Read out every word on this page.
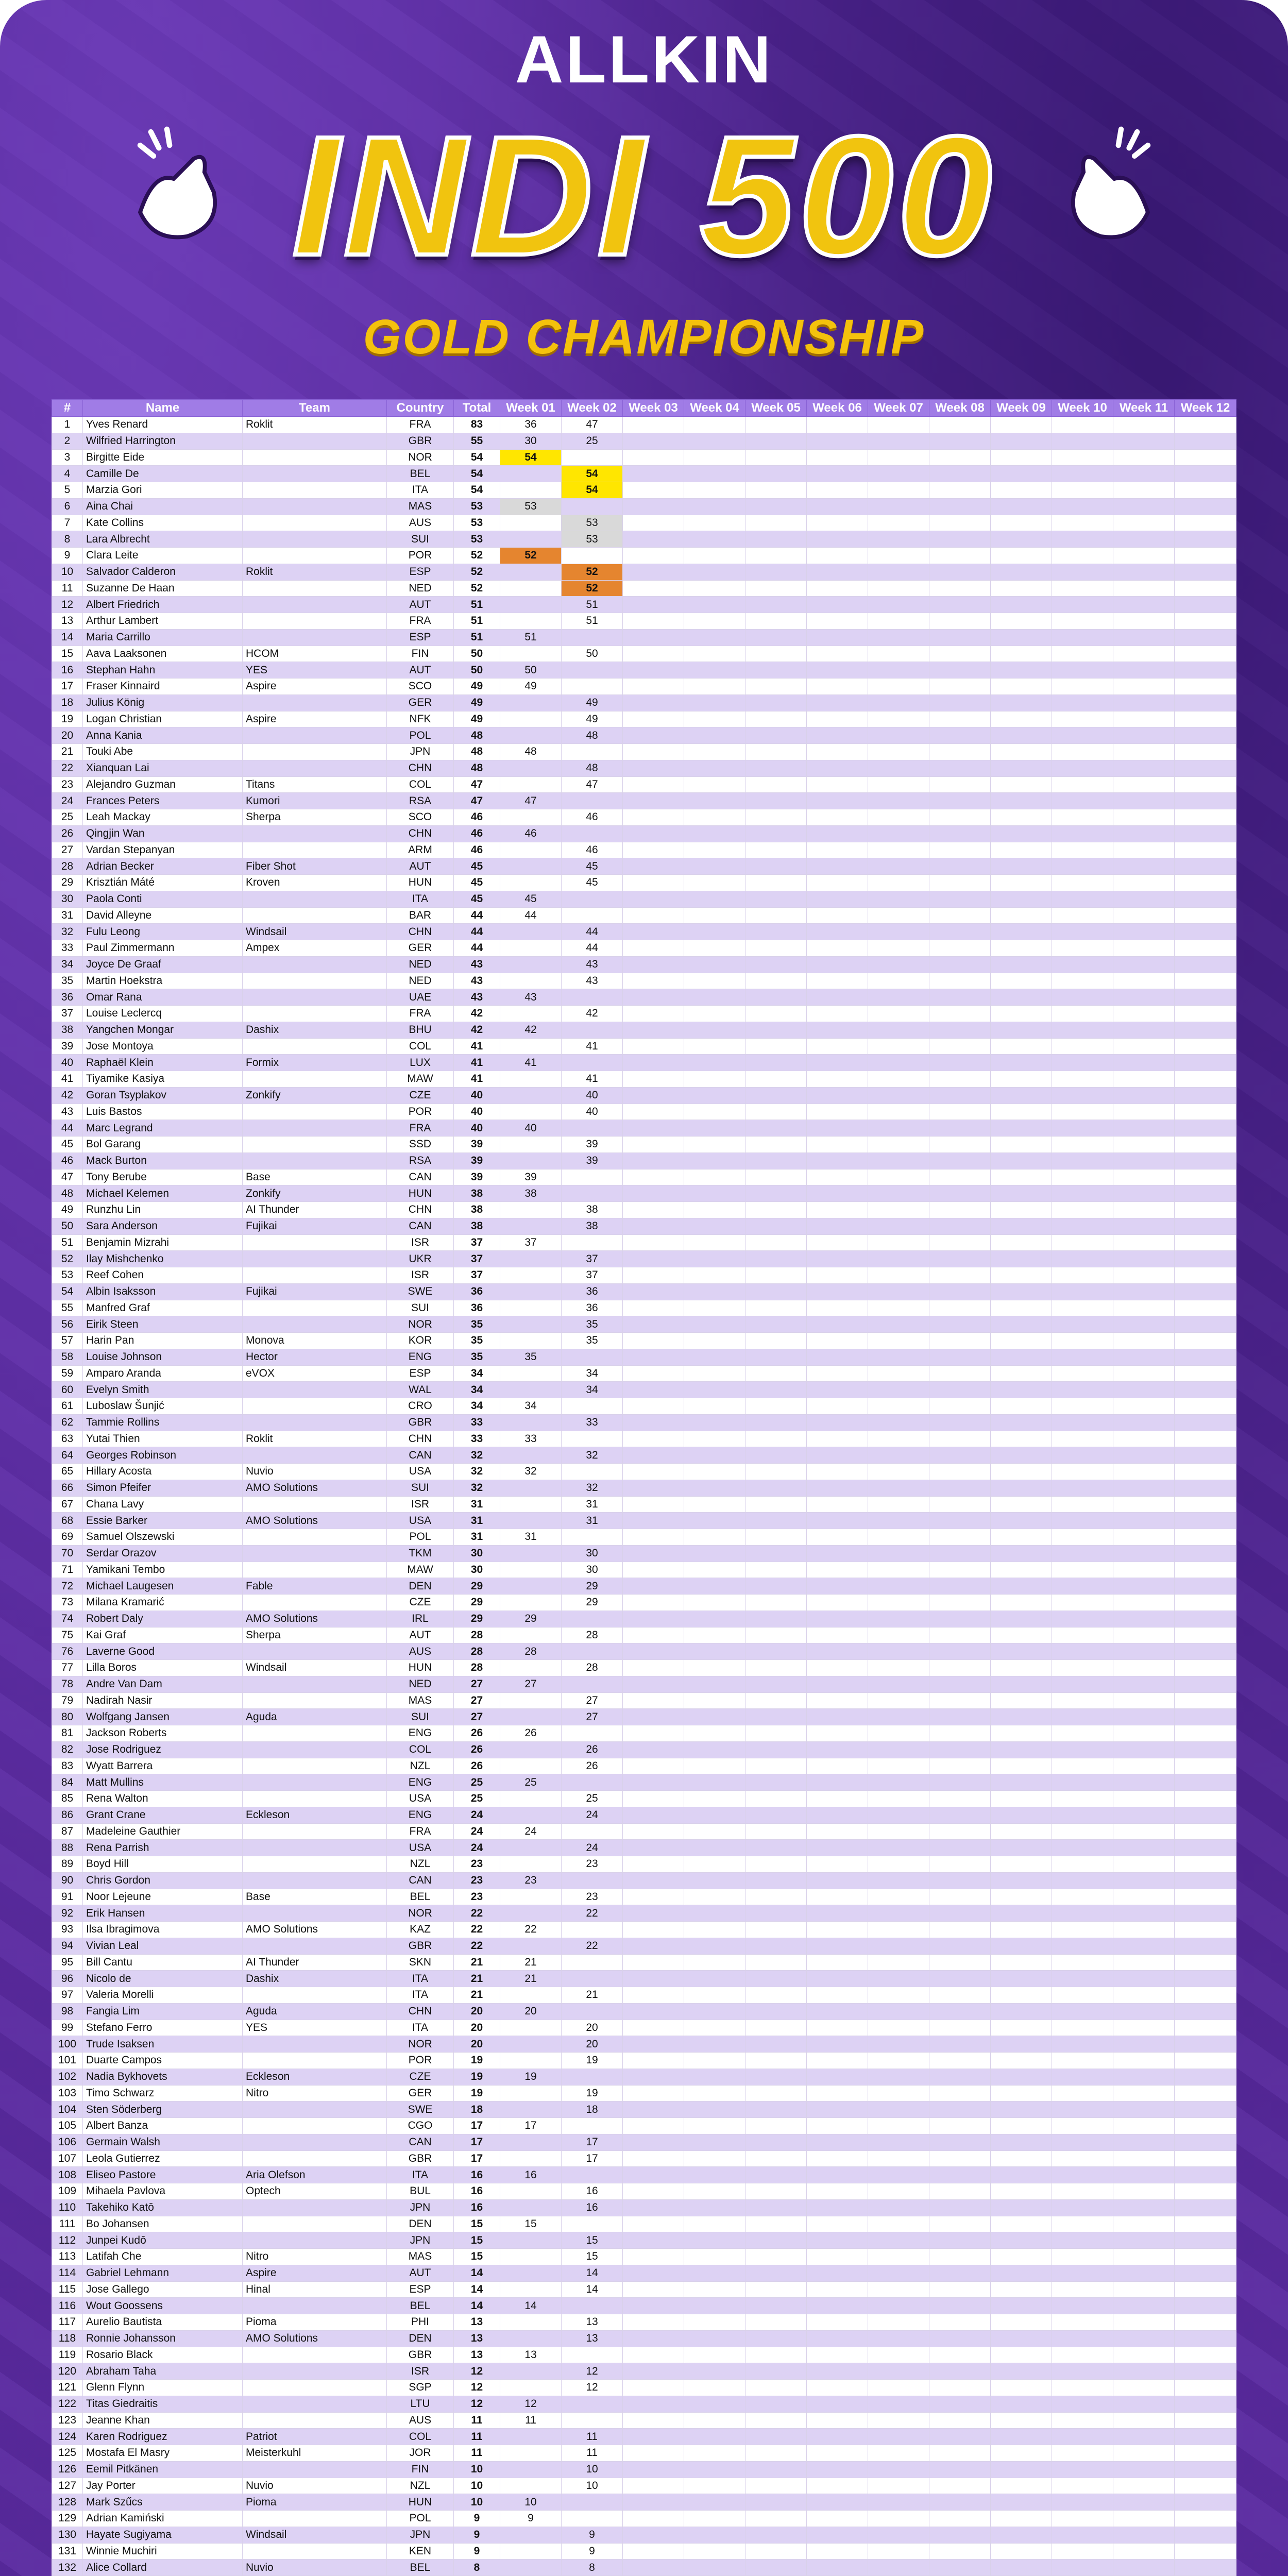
ALLKIN
INDI 500
GOLD CHAMPIONSHIP
#	Name	Team	Country	Total	Week 01	Week 02	Week 03	Week 04	Week 05	Week 06	Week 07	Week 08	Week 09	Week 10	Week 11	Week 12
1	Yves Renard	Roklit	FRA	83	36	47										
2	Wilfried Harrington		GBR	55	30	25										
3	Birgitte Eide		NOR	54	54											
4	Camille De		BEL	54		54										
5	Marzia Gori		ITA	54		54										
6	Aina Chai		MAS	53	53											
7	Kate Collins		AUS	53		53										
8	Lara Albrecht		SUI	53		53										
9	Clara Leite		POR	52	52											
10	Salvador Calderon	Roklit	ESP	52		52										
11	Suzanne De Haan		NED	52		52										
12	Albert Friedrich		AUT	51		51										
13	Arthur Lambert		FRA	51		51										
14	Maria Carrillo		ESP	51	51											
15	Aava Laaksonen	HCOM	FIN	50		50										
16	Stephan Hahn	YES	AUT	50	50											
17	Fraser Kinnaird	Aspire	SCO	49	49											
18	Julius König		GER	49		49										
19	Logan Christian	Aspire	NFK	49		49										
20	Anna Kania		POL	48		48										
21	Touki Abe		JPN	48	48											
22	Xianquan Lai		CHN	48		48										
23	Alejandro Guzman	Titans	COL	47		47										
24	Frances Peters	Kumori	RSA	47	47											
25	Leah Mackay	Sherpa	SCO	46		46										
26	Qingjin Wan		CHN	46	46											
27	Vardan Stepanyan		ARM	46		46										
28	Adrian Becker	Fiber Shot	AUT	45		45										
29	Krisztián Máté	Kroven	HUN	45		45										
30	Paola Conti		ITA	45	45											
31	David Alleyne		BAR	44	44											
32	Fulu Leong	Windsail	CHN	44		44										
33	Paul Zimmermann	Ampex	GER	44		44										
34	Joyce De Graaf		NED	43		43										
35	Martin Hoekstra		NED	43		43										
36	Omar Rana		UAE	43	43											
37	Louise Leclercq		FRA	42		42										
38	Yangchen Mongar	Dashix	BHU	42	42											
39	Jose Montoya		COL	41		41										
40	Raphaël Klein	Formix	LUX	41	41											
41	Tiyamike Kasiya		MAW	41		41										
42	Goran Tsyplakov	Zonkify	CZE	40		40										
43	Luis Bastos		POR	40		40										
44	Marc Legrand		FRA	40	40											
45	Bol Garang		SSD	39		39										
46	Mack Burton		RSA	39		39										
47	Tony Berube	Base	CAN	39	39											
48	Michael Kelemen	Zonkify	HUN	38	38											
49	Runzhu Lin	AI Thunder	CHN	38		38										
50	Sara Anderson	Fujikai	CAN	38		38										
51	Benjamin Mizrahi		ISR	37	37											
52	Ilay Mishchenko		UKR	37		37										
53	Reef Cohen		ISR	37		37										
54	Albin Isaksson	Fujikai	SWE	36		36										
55	Manfred Graf		SUI	36		36										
56	Eirik Steen		NOR	35		35										
57	Harin Pan	Monova	KOR	35		35										
58	Louise Johnson	Hector	ENG	35	35											
59	Amparo Aranda	eVOX	ESP	34		34										
60	Evelyn Smith		WAL	34		34										
61	Luboslaw Šunjić		CRO	34	34											
62	Tammie Rollins		GBR	33		33										
63	Yutai Thien	Roklit	CHN	33	33											
64	Georges Robinson		CAN	32		32										
65	Hillary Acosta	Nuvio	USA	32	32											
66	Simon Pfeifer	AMO Solutions	SUI	32		32										
67	Chana Lavy		ISR	31		31										
68	Essie Barker	AMO Solutions	USA	31		31										
69	Samuel Olszewski		POL	31	31											
70	Serdar Orazov		TKM	30		30										
71	Yamikani Tembo		MAW	30		30										
72	Michael Laugesen	Fable	DEN	29		29										
73	Milana Kramarić		CZE	29		29										
74	Robert Daly	AMO Solutions	IRL	29	29											
75	Kai Graf	Sherpa	AUT	28		28										
76	Laverne Good		AUS	28	28											
77	Lilla Boros	Windsail	HUN	28		28										
78	Andre Van Dam		NED	27	27											
79	Nadirah Nasir		MAS	27		27										
80	Wolfgang Jansen	Aguda	SUI	27		27										
81	Jackson Roberts		ENG	26	26											
82	Jose Rodriguez		COL	26		26										
83	Wyatt Barrera		NZL	26		26										
84	Matt Mullins		ENG	25	25											
85	Rena Walton		USA	25		25										
86	Grant Crane	Eckleson	ENG	24		24										
87	Madeleine Gauthier		FRA	24	24											
88	Rena Parrish		USA	24		24										
89	Boyd Hill		NZL	23		23										
90	Chris Gordon		CAN	23	23											
91	Noor Lejeune	Base	BEL	23		23										
92	Erik Hansen		NOR	22		22										
93	Ilsa Ibragimova	AMO Solutions	KAZ	22	22											
94	Vivian Leal		GBR	22		22										
95	Bill Cantu	AI Thunder	SKN	21	21											
96	Nicolo de	Dashix	ITA	21	21											
97	Valeria Morelli		ITA	21		21										
98	Fangia Lim	Aguda	CHN	20	20											
99	Stefano Ferro	YES	ITA	20		20										
100	Trude Isaksen		NOR	20		20										
101	Duarte Campos		POR	19		19										
102	Nadia Bykhovets	Eckleson	CZE	19	19											
103	Timo Schwarz	Nitro	GER	19		19										
104	Sten Söderberg		SWE	18		18										
105	Albert Banza		CGO	17	17											
106	Germain Walsh		CAN	17		17										
107	Leola Gutierrez		GBR	17		17										
108	Eliseo Pastore	Aria Olefson	ITA	16	16											
109	Mihaela Pavlova	Optech	BUL	16		16										
110	Takehiko Katō		JPN	16		16										
111	Bo Johansen		DEN	15	15											
112	Junpei Kudō		JPN	15		15										
113	Latifah Che	Nitro	MAS	15		15										
114	Gabriel Lehmann	Aspire	AUT	14		14										
115	Jose Gallego	Hinal	ESP	14		14										
116	Wout Goossens		BEL	14	14											
117	Aurelio Bautista	Pioma	PHI	13		13										
118	Ronnie Johansson	AMO Solutions	DEN	13		13										
119	Rosario Black		GBR	13	13											
120	Abraham Taha		ISR	12		12										
121	Glenn Flynn		SGP	12		12										
122	Titas Giedraitis		LTU	12	12											
123	Jeanne Khan		AUS	11	11											
124	Karen Rodriguez	Patriot	COL	11		11										
125	Mostafa El Masry	Meisterkuhl	JOR	11		11										
126	Eemil Pitkänen		FIN	10		10										
127	Jay Porter	Nuvio	NZL	10		10										
128	Mark Szűcs	Pioma	HUN	10	10											
129	Adrian Kamiński		POL	9	9											
130	Hayate Sugiyama	Windsail	JPN	9		9										
131	Winnie Muchiri		KEN	9		9										
132	Alice Collard	Nuvio	BEL	8		8										
